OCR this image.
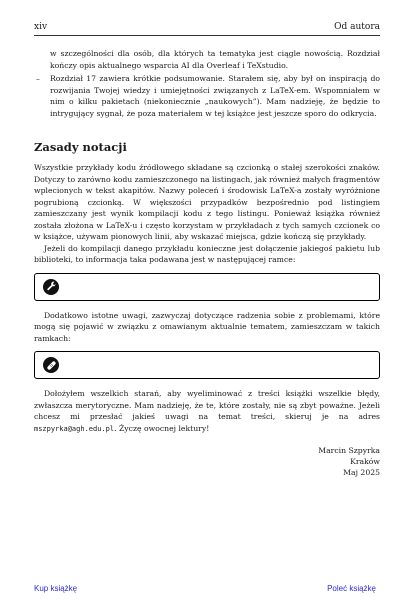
xiv	Od autora
w szczególności dla osób, dla których ta tematyka jest ciągle nowością. Rozdział kończy opis aktualnego wsparcia AI dla Overleaf i TeXstudio.
– Rozdział 17 zawiera krótkie podsumowanie. Starałem się, aby był on inspiracją do rozwijania Twojej wiedzy i umiejętności związanych z LaTeX-em. Wspomniałem w nim o kilku pakietach (niekoniecznie „naukowych”). Mam nadzieję, że będzie to intrygujący sygnał, że poza materiałem w tej książce jest jeszcze sporo do odkrycia.
Zasady notacji

Wszystkie przykłady kodu źródłowego składane są czcionką o stałej szerokości znaków. Dotyczy to zarówno kodu zamieszczonego na listingach, jak również małych fragmentów wplecionych w tekst akapitów. Nazwy poleceń i środowisk LaTeX-a zostały wyróżnione pogrubioną czcionką. W większości przypadków bezpośrednio pod listingiem zamieszczany jest wynik kompilacji kodu z tego listingu. Ponieważ książka również została złożona w LaTeX-u i często korzystam w przykładach z tych samych czcionek co w książce, używam pionowych linii, aby wskazać miejsca, gdzie kończą się przykłady.

Jeżeli do kompilacji danego przykładu konieczne jest dołączenie jakiegoś pakietu lub biblioteki, to informacja taka podawana jest w następującej ramce:

Dodatkowo istotne uwagi, zazwyczaj dotyczące radzenia sobie z problemami, które mogą się pojawić w związku z omawianym aktualnie tematem, zamieszczam w takich ramkach:

Dołożyłem wszelkich starań, aby wyeliminować z treści książki wszelkie błędy, zwłaszcza merytoryczne. Mam nadzieję, że te, które zostały, nie są zbyt poważne. Jeżeli chcesz mi przesłać jakieś uwagi na temat treści, skieruj je na adres mszpyrka@agh.edu.pl. Życzę owocnej lektury!

Marcin Szpyrka
Kraków
Maj 2025
Kup książkę	Poleć książkę
